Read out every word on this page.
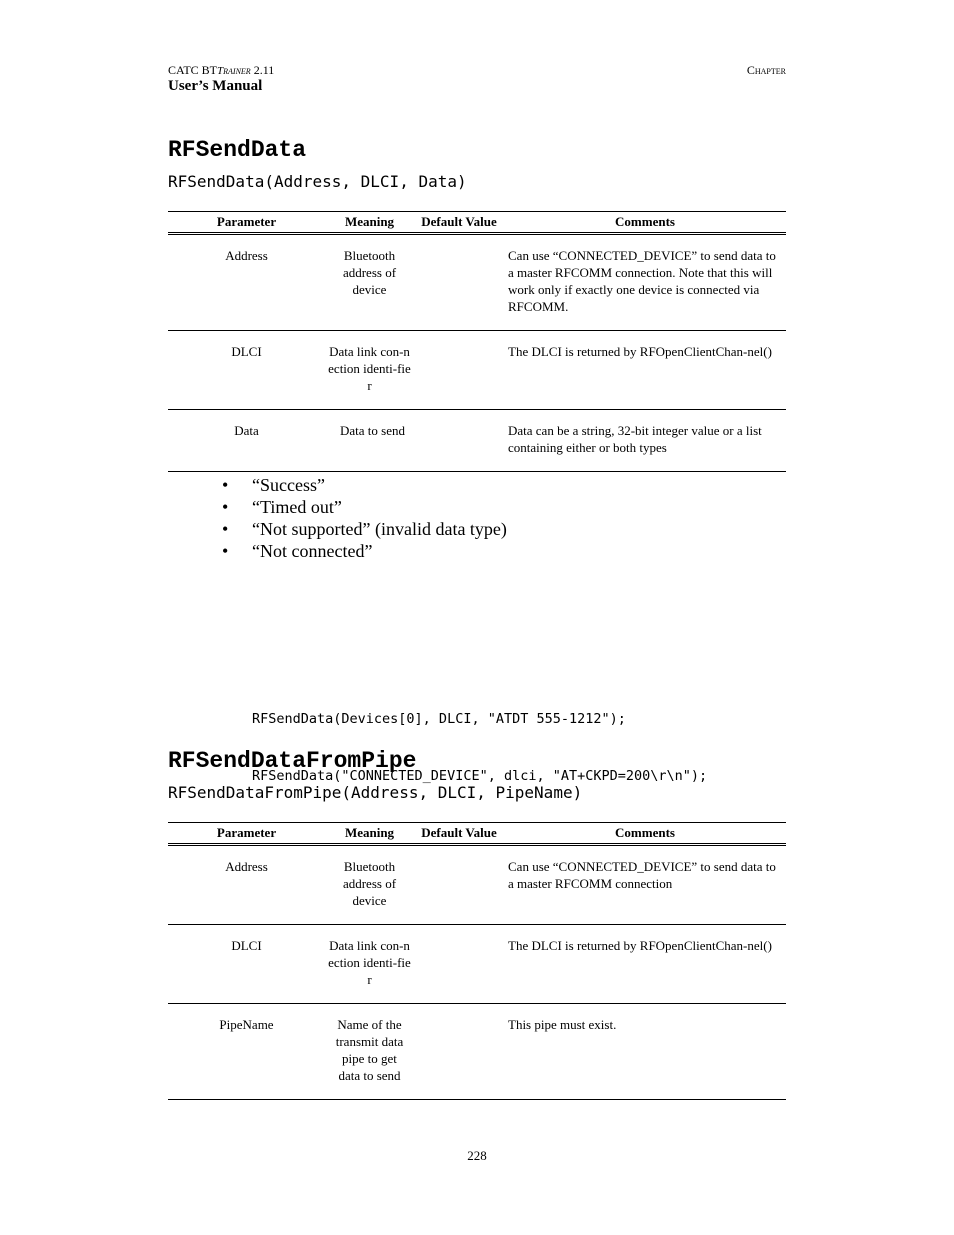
CATC BTTrainer 2.11	Chapter
User’s Manual
RFSendData
RFSendData(Address, DLCI, Data)
Parameter	Meaning	Default Value	Comments
Address	Bluetooth address of device		Can use “CONNECTED_DEVICE” to send data to a master RFCOMM connection. Note that this will work only if exactly one device is connected via RFCOMM.
DLCI	Data link con-nection identi-fier		The DLCI is returned by RFOpenClientChan-nel()
Data	Data to send		Data can be a string, 32-bit integer value or a list containing either or both types
• “Success”
• “Timed out”
• “Not supported” (invalid data type)
• “Not connected”

RFSendData(Devices[0], DLCI, "ATDT 555-1212");

RFSendData("CONNECTED_DEVICE", dlci, "AT+CKPD=200\r\n");

RFSendDataFromPipe
RFSendDataFromPipe(Address, DLCI, PipeName)
Parameter	Meaning	Default Value	Comments
Address	Bluetooth address of device		Can use “CONNECTED_DEVICE” to send data to a master RFCOMM connection
DLCI	Data link con-nection identi-fier		The DLCI is returned by RFOpenClientChan-nel()
PipeName	Name of the transmit data pipe to get data to send		This pipe must exist.
228
